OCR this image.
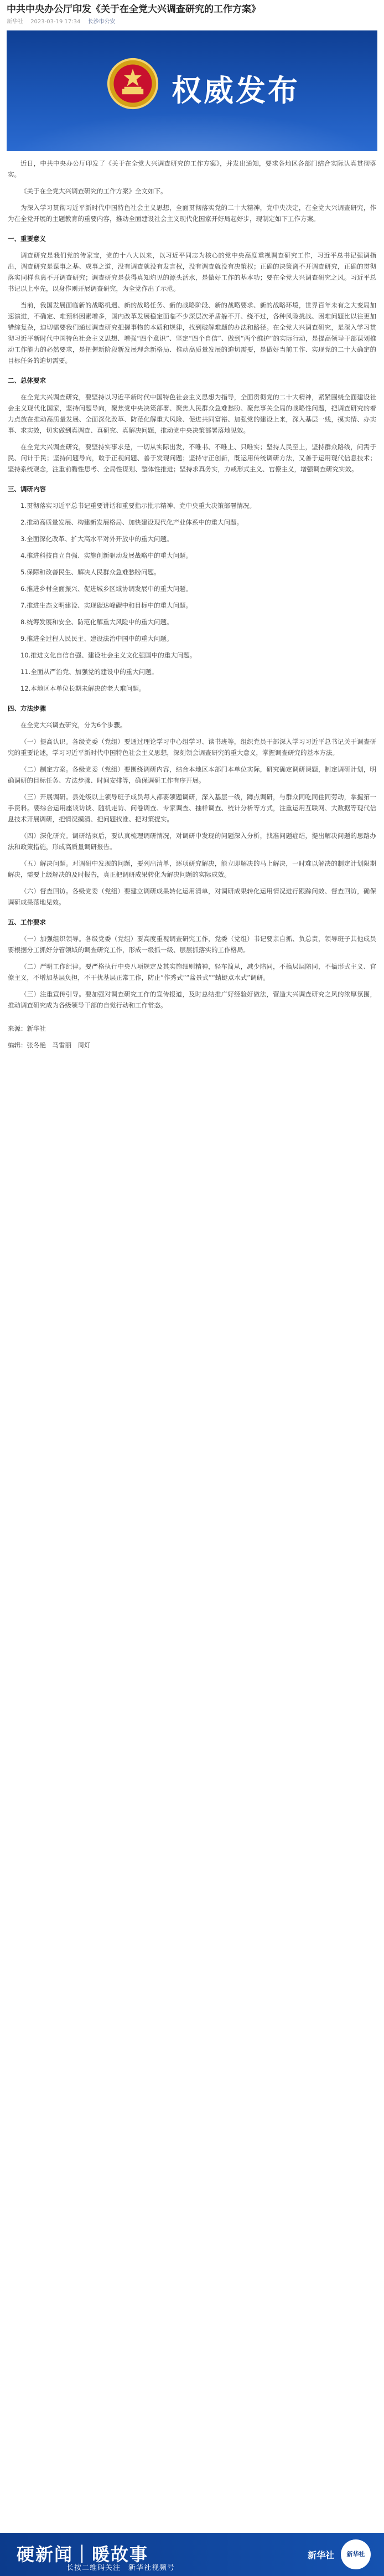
中共中央办公厅印发《关于在全党大兴调查研究的工作方案》
新华社 2023-03-19 17:34 长沙市公安
权威发布

近日，中共中央办公厅印发了《关于在全党大兴调查研究的工作方案》，并发出通知，要求各地区各部门结合实际认真贯彻落实。

《关于在全党大兴调查研究的工作方案》全文如下。

为深入学习贯彻习近平新时代中国特色社会主义思想，全面贯彻落实党的二十大精神，党中央决定，在全党大兴调查研究，作为在全党开展的主题教育的重要内容，推动全面建设社会主义现代化国家开好局起好步，现制定如下工作方案。

一、重要意义

调查研究是我们党的传家宝，党的十八大以来，以习近平同志为核心的党中央高度重视调查研究工作，习近平总书记强调指出，调查研究是谋事之基、成事之道，没有调查就没有发言权，没有调查就没有决策权；正确的决策离不开调查研究，正确的贯彻落实同样也离不开调查研究；调查研究是获得真知灼见的源头活水，是做好工作的基本功；要在全党大兴调查研究之风。习近平总书记以上率先，以身作则开展调查研究，为全党作出了示范。

当前，我国发展面临新的战略机遇、新的战略任务、新的战略阶段、新的战略要求、新的战略环境，世界百年未有之大变局加速演进，不确定、难预料因素增多，国内改革发展稳定面临不少深层次矛盾躲不开、绕不过，各种风险挑战、困难问题比以往更加错综复杂，迫切需要我们通过调查研究把握事物的本质和规律，找到破解难题的办法和路径。在全党大兴调查研究，是深入学习贯彻习近平新时代中国特色社会主义思想、增强“四个意识”、坚定“四个自信”、做到“两个维护”的实际行动，是提高领导干部谋划推动工作能力的必然要求，是把握新阶段新发展理念新格局、推动高质量发展的迫切需要，是做好当前工作、实现党的二十大确定的目标任务的迫切需要。

二、总体要求

在全党大兴调查研究，要坚持以习近平新时代中国特色社会主义思想为指导，全面贯彻党的二十大精神，紧紧围绕全面建设社会主义现代化国家，坚持问题导向，聚焦党中央决策部署、聚焦人民群众急难愁盼、聚焦事关全局的战略性问题，把调查研究的着力点放在推动高质量发展、全面深化改革、防范化解重大风险、促进共同富裕、加强党的建设上来，深入基层一线，摸实情、办实事、求实效，切实做到真调查、真研究、真解决问题，推动党中央决策部署落地见效。

在全党大兴调查研究，要坚持实事求是，一切从实际出发，不唯书、不唯上、只唯实；坚持人民至上，坚持群众路线，问需于民、问计于民；坚持问题导向，敢于正视问题、善于发现问题；坚持守正创新，既运用传统调研方法，又善于运用现代信息技术；坚持系统观念，注重前瞻性思考、全局性谋划、整体性推进；坚持求真务实，力戒形式主义、官僚主义，增强调查研究实效。

三、调研内容

1.贯彻落实习近平总书记重要讲话和重要指示批示精神、党中央重大决策部署情况。

2.推动高质量发展、构建新发展格局、加快建设现代化产业体系中的重大问题。

3.全面深化改革、扩大高水平对外开放中的重大问题。

4.推进科技自立自强、实施创新驱动发展战略中的重大问题。

5.保障和改善民生、解决人民群众急难愁盼问题。

6.推进乡村全面振兴、促进城乡区域协调发展中的重大问题。

7.推进生态文明建设、实现碳达峰碳中和目标中的重大问题。

8.统筹发展和安全、防范化解重大风险中的重大问题。

9.推进全过程人民民主、建设法治中国中的重大问题。

10.推进文化自信自强、建设社会主义文化强国中的重大问题。

11.全面从严治党、加强党的建设中的重大问题。

12.本地区本单位长期未解决的老大难问题。

四、方法步骤

在全党大兴调查研究，分为6个步骤。

（一）提高认识。各级党委（党组）要通过理论学习中心组学习、读书班等，组织党员干部深入学习习近平总书记关于调查研究的重要论述，学习习近平新时代中国特色社会主义思想，深刻领会调查研究的重大意义，掌握调查研究的基本方法。

（二）制定方案。各级党委（党组）要围绕调研内容，结合本地区本部门本单位实际，研究确定调研课题，制定调研计划，明确调研的目标任务、方法步骤、时间安排等，确保调研工作有序开展。

（三）开展调研。县处级以上领导班子成员每人都要领题调研，深入基层一线，蹲点调研，与群众同吃同住同劳动，掌握第一手资料。要综合运用座谈访谈、随机走访、问卷调查、专家调查、抽样调查、统计分析等方式，注重运用互联网、大数据等现代信息技术开展调研，把情况摸清、把问题找准、把对策提实。

（四）深化研究。调研结束后，要认真梳理调研情况，对调研中发现的问题深入分析，找准问题症结，提出解决问题的思路办法和政策措施，形成高质量调研报告。

（五）解决问题。对调研中发现的问题，要列出清单，逐项研究解决，能立即解决的马上解决，一时难以解决的制定计划限期解决，需要上级解决的及时报告，真正把调研成果转化为解决问题的实际成效。

（六）督查回访。各级党委（党组）要建立调研成果转化运用清单，对调研成果转化运用情况进行跟踪问效、督查回访，确保调研成果落地见效。

五、工作要求

（一）加强组织领导。各级党委（党组）要高度重视调查研究工作，党委（党组）书记要亲自抓、负总责，领导班子其他成员要根据分工抓好分管领域的调查研究工作，形成一级抓一级、层层抓落实的工作格局。

（二）严明工作纪律。要严格执行中央八项规定及其实施细则精神，轻车简从，减少陪同，不搞层层陪同，不搞形式主义、官僚主义，不增加基层负担，不干扰基层正常工作，防止“作秀式”“盆景式”“蜻蜓点水式”调研。

（三）注重宣传引导。要加强对调查研究工作的宣传报道，及时总结推广好经验好做法，营造大兴调查研究之风的浓厚氛围，推动调查研究成为各级领导干部的自觉行动和工作常态。

来源：新华社

编辑：张冬艳　马雷丽　周灯

硬新闻｜暖故事
长按二维码关注　新华社视频号
新华社	新华社
